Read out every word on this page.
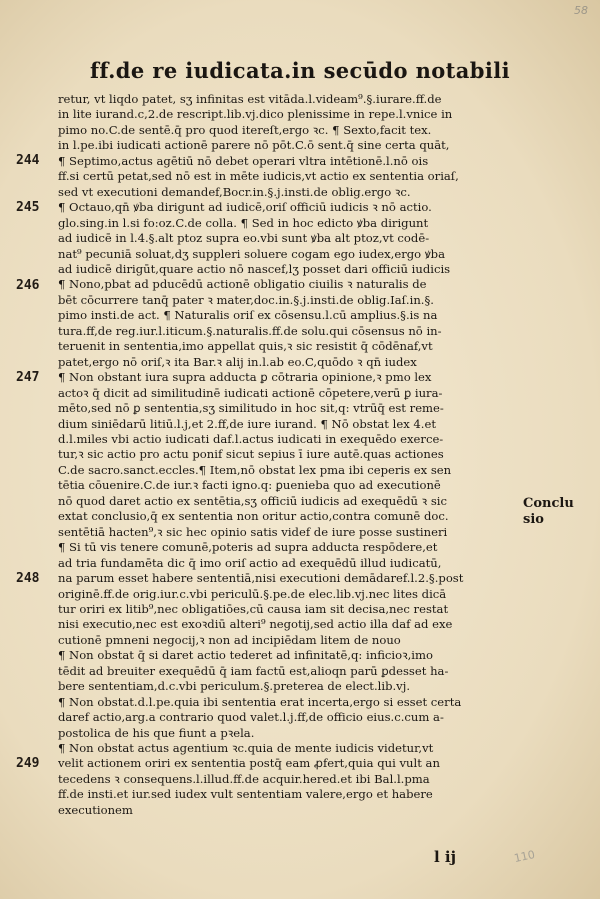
58
ff.de re iudicata.in secūdo notabili
244
245
246
247
248
249
retur, vt liqdo patet, sʒ infinitas est vitāda.l.videam⁹.§.iurare.ff.de
in lite iurand.c,2.de rescript.lib.vj.dico plenissime in repe.l.vnice in
pimo no.C.de sentē.q̄ pro quod itereſt,ergo ꝛc. ¶ Sexto,facit tex.
in l.pe.ibi iudicati actionē parere nō pōt.C.ō sent.q̄ sine certa quāt,
¶ Septimo,actus agētiū nō debet operari vltra intētionē.l.nō ois
ff.si certū petat,sed nō est in mēte iudicis,vt actio ex sententia oriaſ,
sed vt executioni demandef,Bocr.in.§.j.insti.de oblig.ergo ꝛc.
¶ Octauo,qn̄ ꝟba dirigunt ad iudicē,oriſ officiū iudicis ꝛ nō actio.
glo.sing.in l.si fo:oz.C.de colla. ¶ Sed in hoc edicto ꝟba dirigunt
ad iudicē in l.4.§.alt ptoz supra eo.vbi sunt ꝟba alt ptoz,vt codē-
nat⁹ pecuniā soluat,dʒ suppleri soluere cogam ego iudex,ergo ꝟba
ad iudicē dirigūt,quare actio nō nascef,lʒ posset dari officiū iudicis
¶ Nono,pbat ad pducēdū actionē obligatio ciuilis ꝛ naturalis de
bēt cōcurrere tanq̄ pater ꝛ mater,doc.in.§.j.insti.de oblig.Iaſ.in.§.
pimo insti.de act. ¶ Naturalis oriſ ex cōsensu.l.cū amplius.§.is na
tura.ff,de reg.iur.l.iticum.§.naturalis.ff.de solu.qui cōsensus nō in-
teruenit in sententia,imo appellat quis,ꝛ sic resistit q̄ cōdēnaf,vt
patet,ergo nō oriſ,ꝛ ita Bar.ꝛ alij in.l.ab eo.C,quōdo ꝛ qn̄ iudex
¶ Non obstant iura supra adducta ꝑ cōtraria opinione,ꝛ pmo lex
actoꝛ q̄ dicit ad similitudinē iudicati actionē cōpetere,verū ꝑ iura-
mēto,sed nō ꝑ sententia,sʒ similitudo in hoc sit,q: vtrūq̄ est reme-
dium siniēdarū litiū.l.j,et 2.ff,de iure iurand. ¶ Nō obstat lex 4.et
d.l.miles vbi actio iudicati daf.l.actus iudicati in exequēdo exerce-
tur,ꝛ sic actio pro actu ponif sicut sepius ī iure autē.quas actiones
C.de sacro.sanct.eccles.¶ Item,nō obstat lex pma ibi ceperis ex sen
tētia cōuenire.C.de iur.ꝛ facti igno.q: ꝑuenieba quo ad executionē
nō quod daret actio ex sentētia,sʒ officiū iudicis ad exequēdū ꝛ sic
extat conclusio,q̄ ex sententia non oritur actio,contra comunē doc.
sentētiā hacten⁹,ꝛ sic hec opinio satis videf de iure posse sustineri
¶ Si tū vis tenere comunē,poteris ad supra adducta respōdere,et
ad tria fundamēta dic q̄ imo oriſ actio ad exequēdū illud iudicatū,
na parum esset habere sententiā,nisi executioni demādaref.l.2.§.post
originē.ff.de orig.iur.c.vbi periculū.§.pe.de elec.lib.vj.nec lites dicā
tur oriri ex litib⁹,nec obligatiōes,cū causa iam sit decisa,nec restat
nisi executio,nec est exoꝛdiū alteri⁹ negotij,sed actio illa daf ad exe
cutionē pmneni negocij,ꝛ non ad incipiēdam litem de nouo
¶ Non obstat q̄ si daret actio tederet ad infinitatē,q: inficioꝛ,imo
tēdit ad breuiter exequēdū q̄ iam factū est,alioqn parū ꝑdesset ha-
bere sententiam,d.c.vbi periculum.§.preterea de elect.lib.vj.
¶ Non obstat.d.l.pe.quia ibi sententia erat incerta,ergo si esset certa
daref actio,arg.a contrario quod valet.l.j.ff,de officio eius.c.cum a-
postolica de his que fiunt a pꝛela.
¶ Non obstat actus agentium ꝛc.quia de mente iudicis videtur,vt
velit actionem oriri ex sententia postq̄ eam ꝓfert,quia qui vult an
tecedens ꝛ consequens.l.illud.ff.de acquir.hered.et ibi Bal.l.pma
ff.de insti.et iur.sed iudex vult sententiam valere,ergo et habere
executionem
Conclu
sio
l ij	110
